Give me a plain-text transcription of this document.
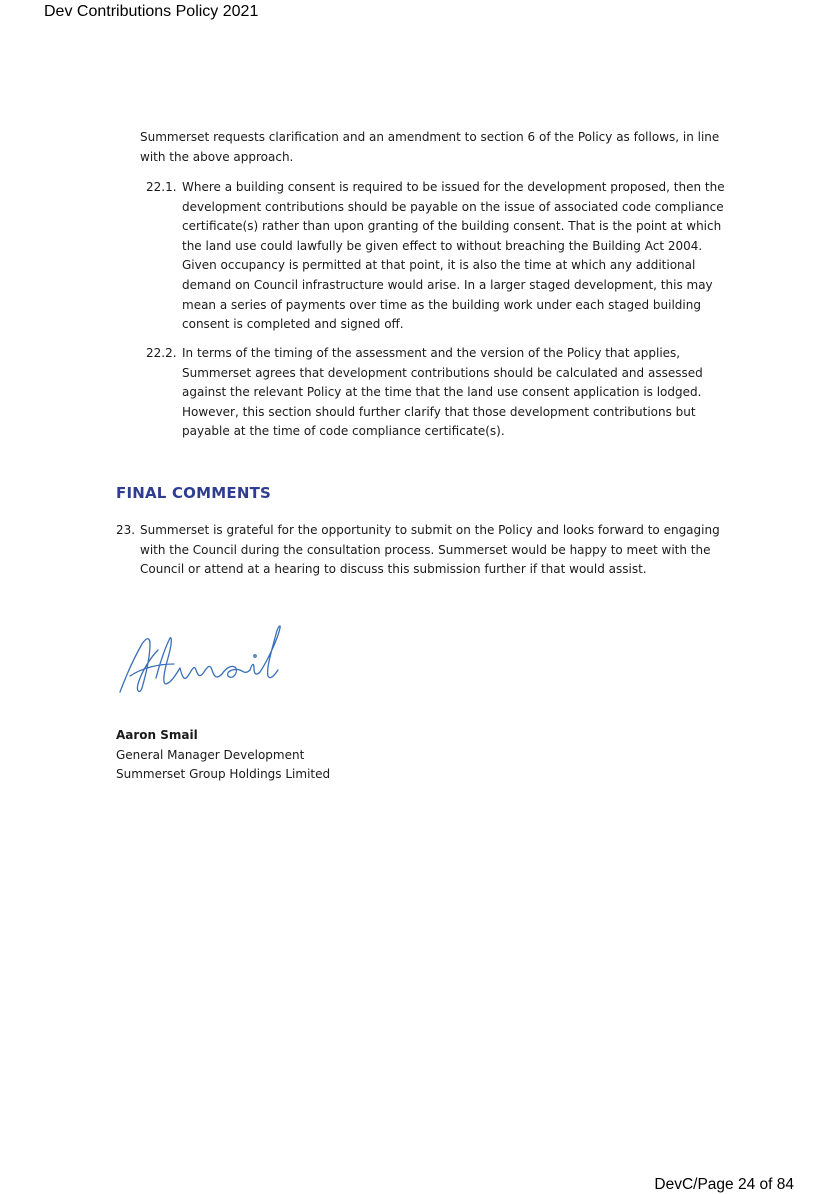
Dev Contributions Policy 2021
Summerset requests clarification and an amendment to section 6 of the Policy as follows, in line with the above approach.
22.1. Where a building consent is required to be issued for the development proposed, then the development contributions should be payable on the issue of associated code compliance certificate(s) rather than upon granting of the building consent. That is the point at which the land use could lawfully be given effect to without breaching the Building Act 2004. Given occupancy is permitted at that point, it is also the time at which any additional demand on Council infrastructure would arise. In a larger staged development, this may mean a series of payments over time as the building work under each staged building consent is completed and signed off.
22.2. In terms of the timing of the assessment and the version of the Policy that applies, Summerset agrees that development contributions should be calculated and assessed against the relevant Policy at the time that the land use consent application is lodged. However, this section should further clarify that those development contributions but payable at the time of code compliance certificate(s).
FINAL COMMENTS
23. Summerset is grateful for the opportunity to submit on the Policy and looks forward to engaging with the Council during the consultation process. Summerset would be happy to meet with the Council or attend at a hearing to discuss this submission further if that would assist.
Aaron Smail
General Manager Development
Summerset Group Holdings Limited
DevC/Page 24 of 84
